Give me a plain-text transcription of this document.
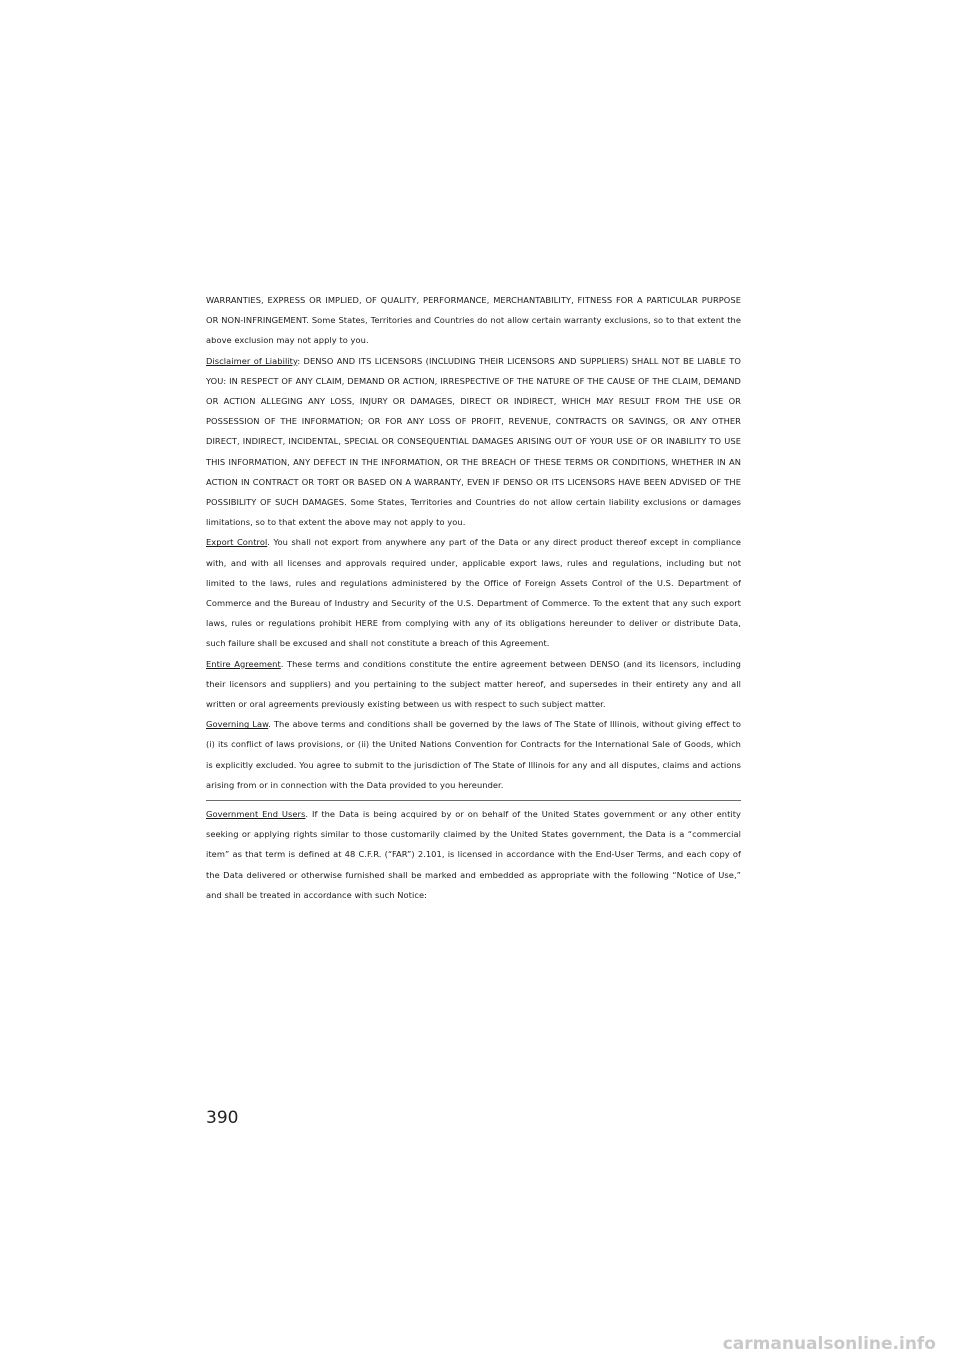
WARRANTIES, EXPRESS OR IMPLIED, OF QUALITY, PERFORMANCE, MERCHANTABILITY, FITNESS FOR A PARTICULAR PURPOSE OR NON-INFRINGEMENT. Some States, Territories and Countries do not allow certain warranty exclusions, so to that extent the above exclusion may not apply to you.

Disclaimer of Liability: DENSO AND ITS LICENSORS (INCLUDING THEIR LICENSORS AND SUPPLIERS) SHALL NOT BE LIABLE TO YOU: IN RESPECT OF ANY CLAIM, DEMAND OR ACTION, IRRESPECTIVE OF THE NATURE OF THE CAUSE OF THE CLAIM, DEMAND OR ACTION ALLEGING ANY LOSS, INJURY OR DAMAGES, DIRECT OR INDIRECT, WHICH MAY RESULT FROM THE USE OR POSSESSION OF THE INFORMATION; OR FOR ANY LOSS OF PROFIT, REVENUE, CONTRACTS OR SAVINGS, OR ANY OTHER DIRECT, INDIRECT, INCIDENTAL, SPECIAL OR CONSEQUENTIAL DAMAGES ARISING OUT OF YOUR USE OF OR INABILITY TO USE THIS INFORMATION, ANY DEFECT IN THE INFORMATION, OR THE BREACH OF THESE TERMS OR CONDITIONS, WHETHER IN AN ACTION IN CONTRACT OR TORT OR BASED ON A WARRANTY, EVEN IF DENSO OR ITS LICENSORS HAVE BEEN ADVISED OF THE POSSIBILITY OF SUCH DAMAGES. Some States, Territories and Countries do not allow certain liability exclusions or damages limitations, so to that extent the above may not apply to you.

Export Control. You shall not export from anywhere any part of the Data or any direct product thereof except in compliance with, and with all licenses and approvals required under, applicable export laws, rules and regulations, including but not limited to the laws, rules and regulations administered by the Office of Foreign Assets Control of the U.S. Department of Commerce and the Bureau of Industry and Security of the U.S. Department of Commerce. To the extent that any such export laws, rules or regulations prohibit HERE from complying with any of its obligations hereunder to deliver or distribute Data, such failure shall be excused and shall not constitute a breach of this Agreement.

Entire Agreement. These terms and conditions constitute the entire agreement between DENSO (and its licensors, including their licensors and suppliers) and you pertaining to the subject matter hereof, and supersedes in their entirety any and all written or oral agreements previously existing between us with respect to such subject matter.

Governing Law. The above terms and conditions shall be governed by the laws of The State of Illinois, without giving effect to (i) its conflict of laws provisions, or (ii) the United Nations Convention for Contracts for the International Sale of Goods, which is explicitly excluded. You agree to submit to the jurisdiction of The State of Illinois for any and all disputes, claims and actions arising from or in connection with the Data provided to you hereunder.

Government End Users. If the Data is being acquired by or on behalf of the United States government or any other entity seeking or applying rights similar to those customarily claimed by the United States government, the Data is a “commercial item” as that term is defined at 48 C.F.R. (“FAR”) 2.101, is licensed in accordance with the End-User Terms, and each copy of the Data delivered or otherwise furnished shall be marked and embedded as appropriate with the following “Notice of Use,” and shall be treated in accordance with such Notice:

390
carmanualsonline.info
